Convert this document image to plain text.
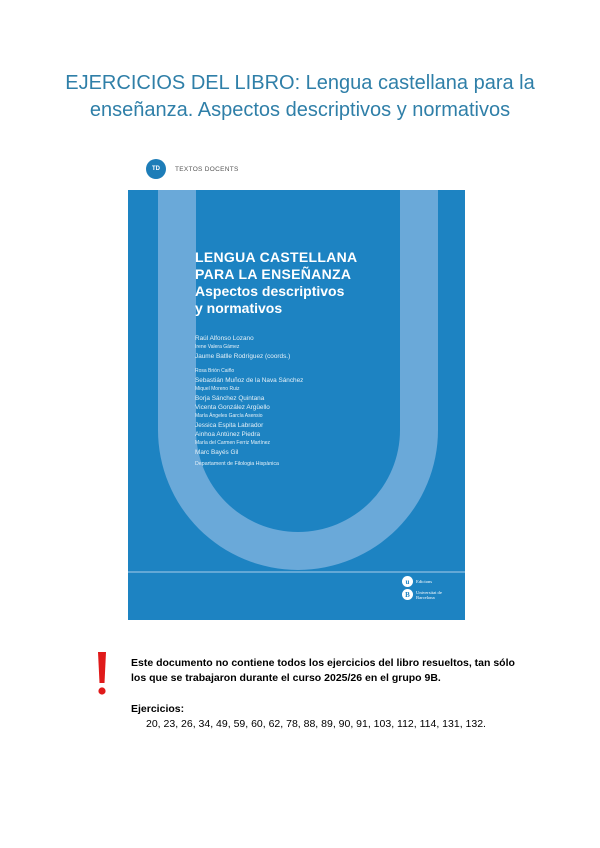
EJERCICIOS DEL LIBRO: Lengua castellana para la enseñanza. Aspectos descriptivos y normativos
TD	TEXTOS DOCENTS
LENGUA CASTELLANA
PARA LA ENSEÑANZA
Aspectos descriptivos
y normativos
Raúl Alfonso Lozano
Irene Valera Gámez
Jaume Batlle Rodríguez (coords.)
Rosa Brión Caiño
Sebastián Muñoz de la Nava Sánchez
Miquel Moreno Ruiz
Borja Sánchez Quintana
Vicenta González Argüello
María Ángeles García Asensio
Jessica Espita Labrador
Ainhoa Antúnez Piedra
María del Carmen Ferriz Martínez
Marc Bayés Gil
Departament de Filologia Hispànica
u	Edicions
B	Universitat de Barcelona
Este documento no contiene todos los ejercicios del libro resueltos, tan sólo los que se trabajaron durante el curso 2025/26 en el grupo 9B.
Ejercicios:
20, 23, 26, 34, 49, 59, 60, 62, 78, 88, 89, 90, 91, 103, 112, 114, 131, 132.
